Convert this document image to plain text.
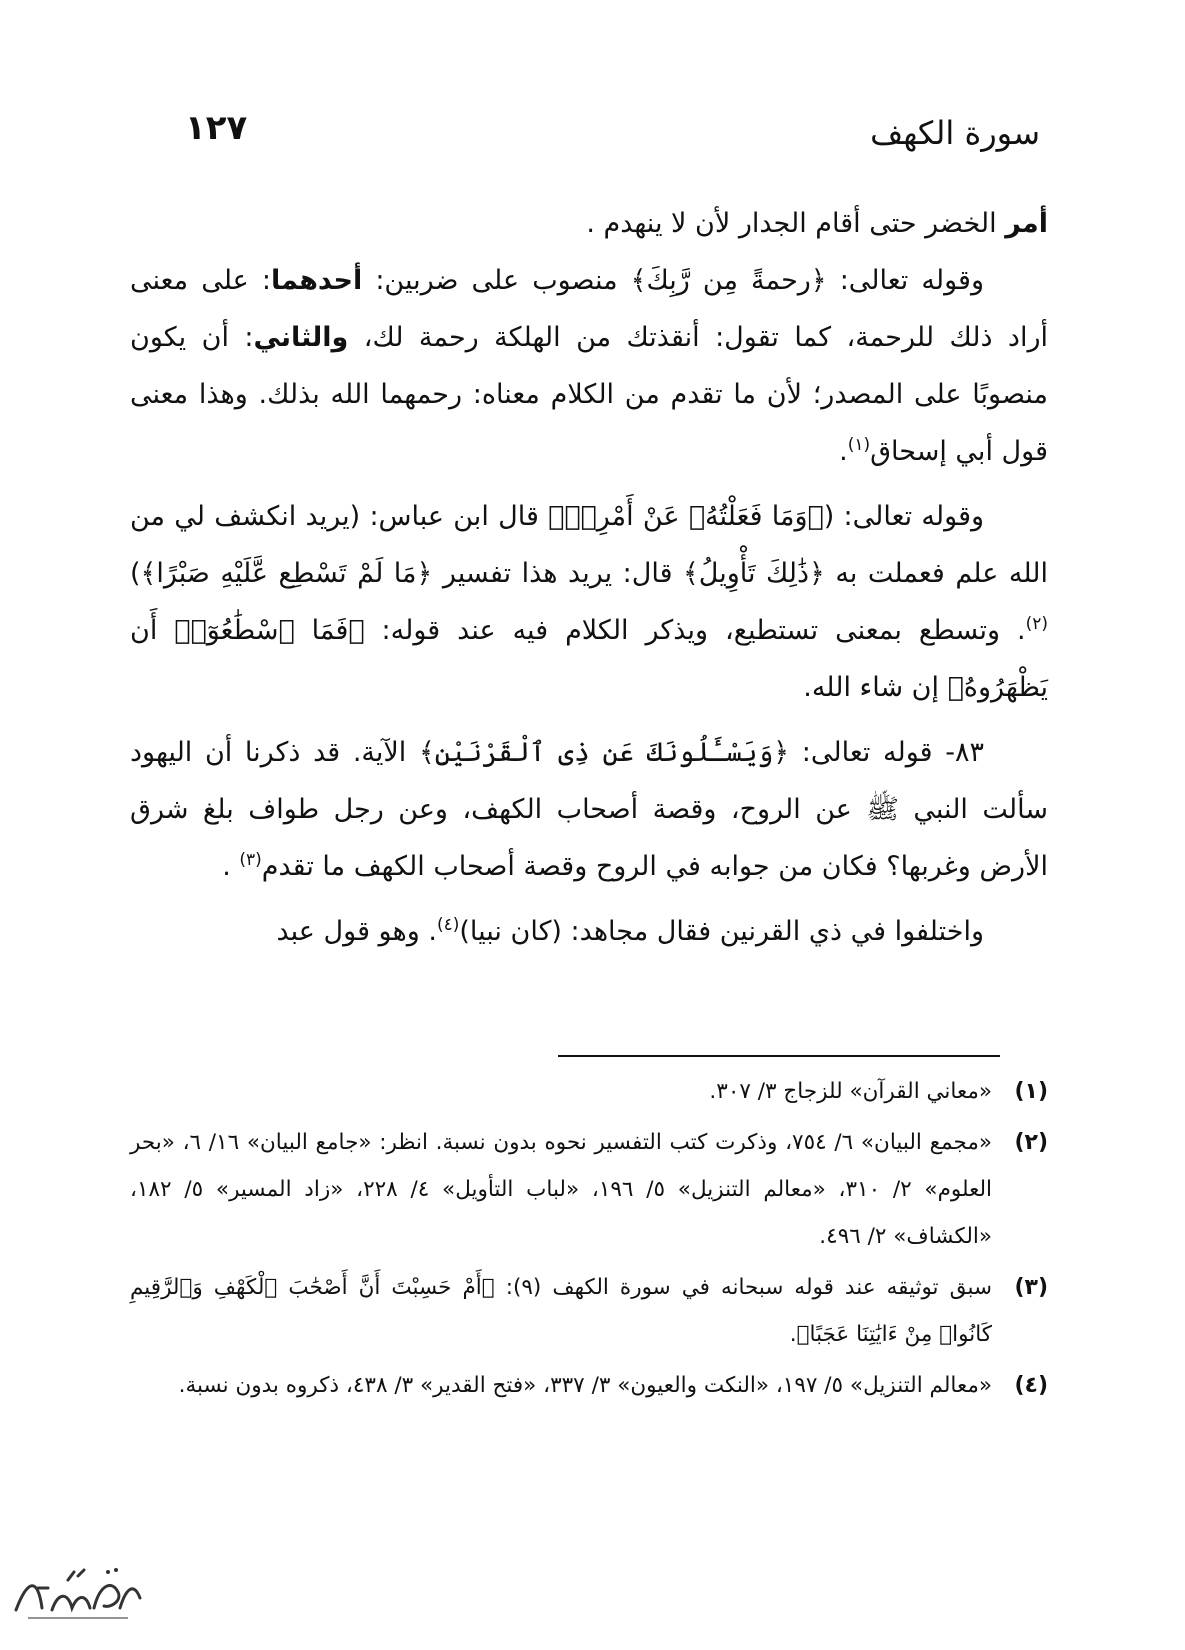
سورة الكهف
١٢٧

أمر الخضر حتى أقام الجدار لأن لا ينهدم .

وقوله تعالى: ﴿رحمةً مِن رَّبِكَ﴾ منصوب على ضربين: أحدهما: على معنى أراد ذلك للرحمة، كما تقول: أنقذتك من الهلكة رحمة لك، والثاني: أن يكون منصوبًا على المصدر؛ لأن ما تقدم من الكلام معناه: رحمهما الله بذلك. وهذا معنى قول أبي إسحاق$^{(١)}$.

وقوله تعالى: (﴿وَمَا فَعَلْتُهُۥ عَنْ أَمْرِىۚ﴾ قال ابن عباس: (يريد انكشف لي من الله علم فعملت به ﴿ذَٰلِكَ تَأْوِيلُ﴾ قال: يريد هذا تفسير ﴿مَا لَمْ تَسْطِع عَّلَيْهِ صَبْرًا﴾)$^{(٢)}$. وتسطع بمعنى تستطيع، ويذكر الكلام فيه عند قوله: ﴿فَمَا ٱسْطَٰعُوٓا۟ أَن يَظْهَرُوهُ﴾ إن شاء الله.

٨٣- قوله تعالى: ﴿وَيَسْـَٔلُونَكَ عَن ذِى ٱلْقَرْنَيْنِ﴾ الآية. قد ذكرنا أن اليهود سألت النبي ﷺ عن الروح، وقصة أصحاب الكهف، وعن رجل طواف بلغ شرق الأرض وغربها؟ فكان من جوابه في الروح وقصة أصحاب الكهف ما تقدم$^{(٣)}$ .

واختلفوا في ذي القرنين فقال مجاهد: (كان نبيا)$^{(٤)}$. وهو قول عبد

(١)
«معاني القرآن» للزجاج ٣/ ٣٠٧.
(٢)
«مجمع البيان» ٦/ ٧٥٤، وذكرت كتب التفسير نحوه بدون نسبة. انظر: «جامع البيان» ١٦/ ٦، «بحر العلوم» ٢/ ٣١٠، «معالم التنزيل» ٥/ ١٩٦، «لباب التأويل» ٤/ ٢٢٨، «زاد المسير» ٥/ ١٨٢، «الكشاف» ٢/ ٤٩٦.
(٣)
سبق توثيقه عند قوله سبحانه في سورة الكهف (٩): ﴿أَمْ حَسِبْتَ أَنَّ أَصْحَٰبَ ٱلْكَهْفِ وَٱلرَّقِيمِ كَانُوا۟ مِنْ ءَايَٰتِنَا عَجَبًا﴾.
(٤)
«معالم التنزيل» ٥/ ١٩٧، «النكت والعيون» ٣/ ٣٣٧، «فتح القدير» ٣/ ٤٣٨، ذكروه بدون نسبة.
